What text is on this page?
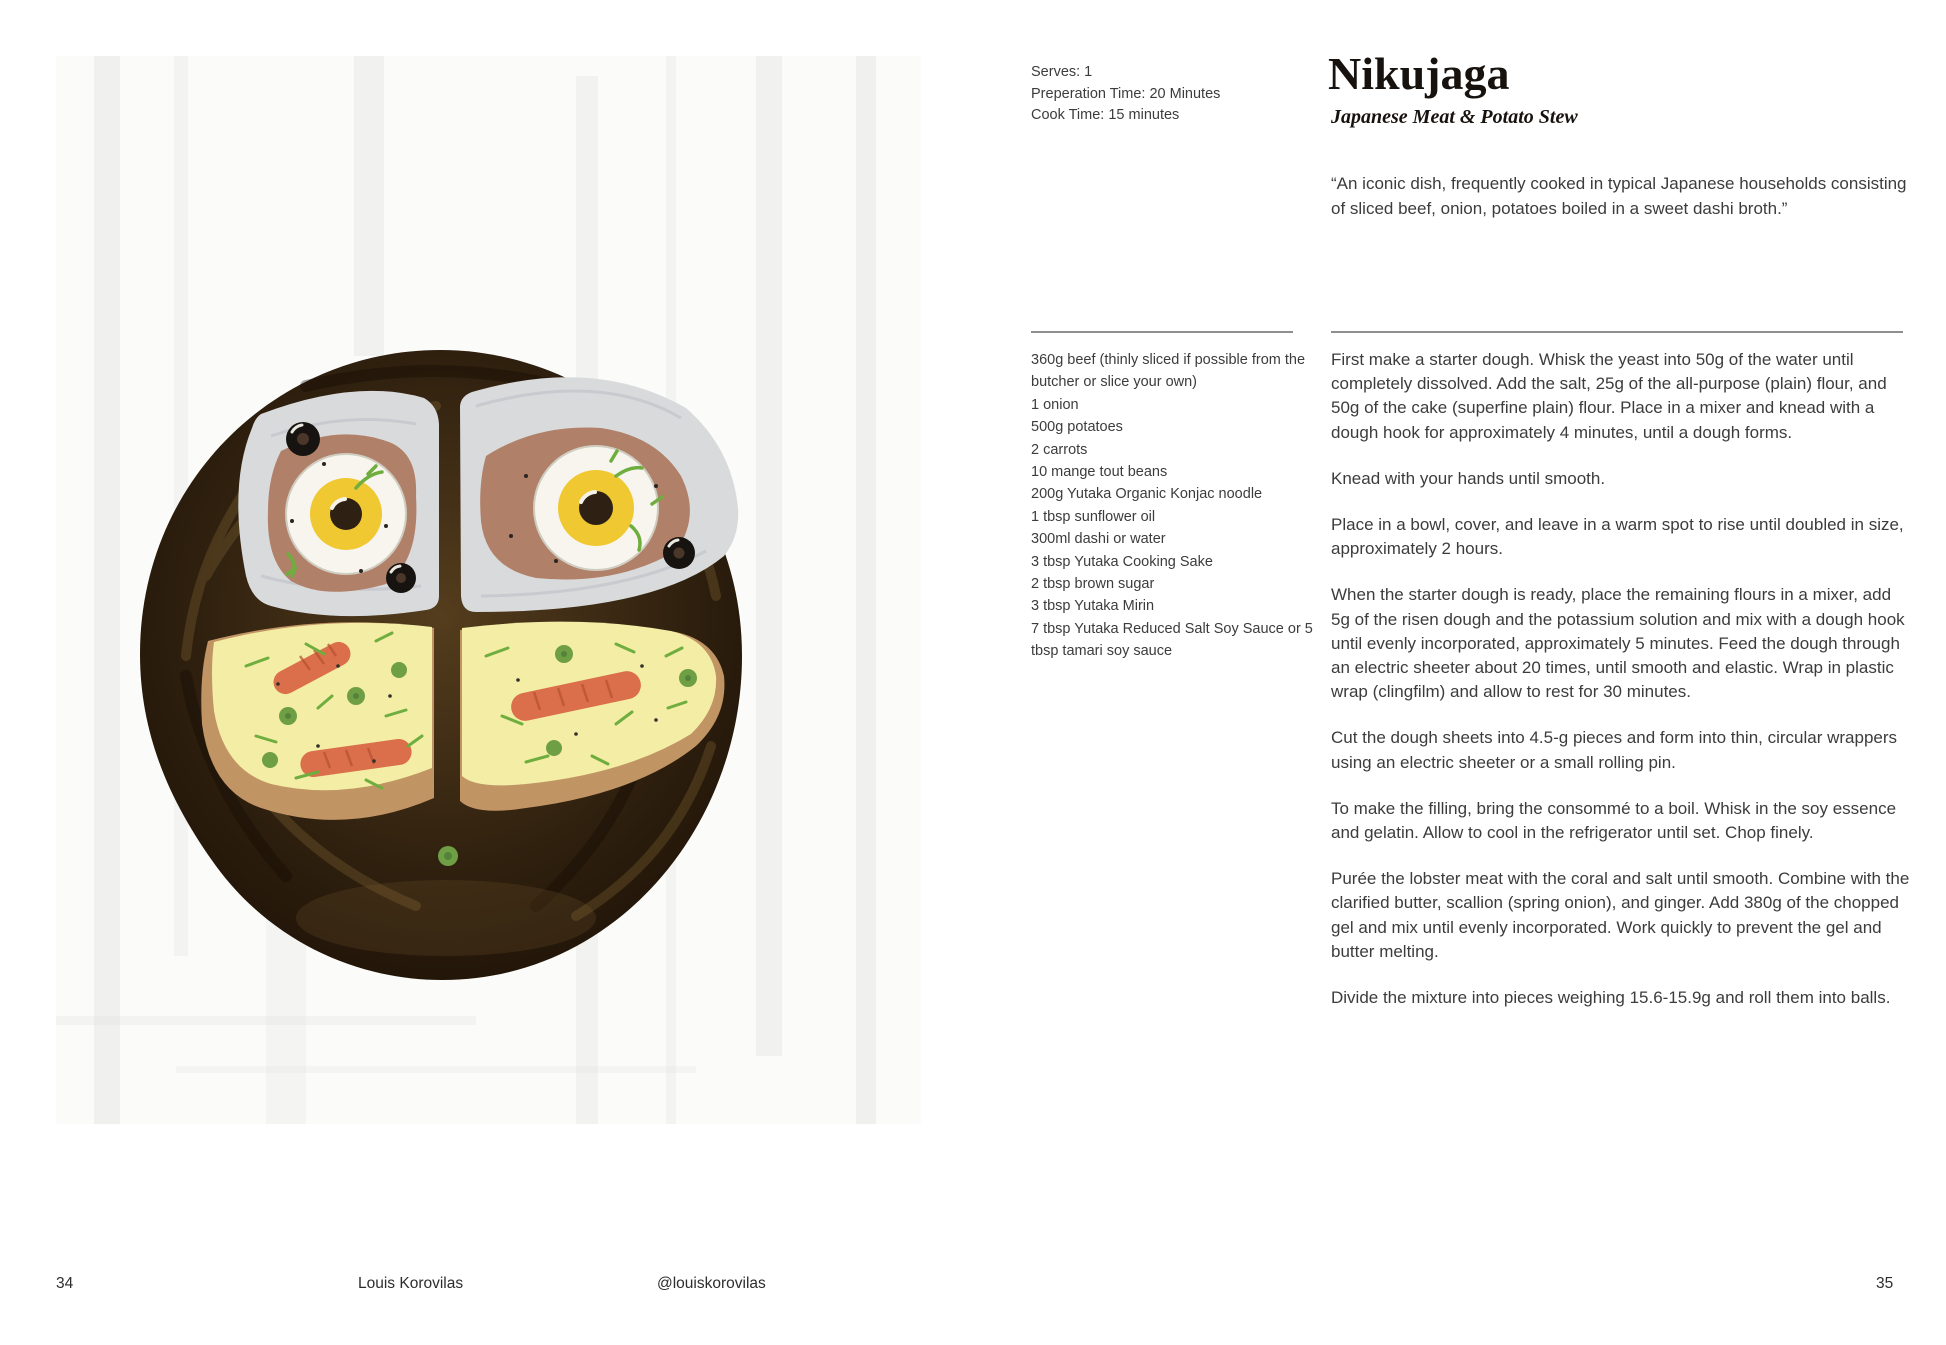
Serves: 1
Preperation Time: 20 Minutes
Cook Time: 15 minutes
Nikujaga
Japanese Meat & Potato Stew

“An iconic dish, frequently cooked in typical Japanese households consisting of sliced beef, onion, potatoes boiled in a sweet dashi broth.”

360g beef (thinly sliced if possible from the butcher or slice your own)
1 onion
500g potatoes
2 carrots
10 mange tout beans
200g Yutaka Organic Konjac noodle
1 tbsp sunflower oil
300ml dashi or water
3 tbsp Yutaka Cooking Sake
2 tbsp brown sugar
3 tbsp Yutaka Mirin
7 tbsp Yutaka Reduced Salt Soy Sauce or 5 tbsp tamari soy sauce

First make a starter dough. Whisk the yeast into 50g of the water until completely dissolved. Add the salt, 25g of the all-purpose (plain) flour, and 50g of the cake (superfine plain) flour. Place in a mixer and knead with a dough hook for approximately 4 minutes, until a dough forms.

Knead with your hands until smooth.

Place in a bowl, cover, and leave in a warm spot to rise until doubled in size, approximately 2 hours.

When the starter dough is ready, place the remaining flours in a mixer, add 5g of the risen dough and the potassium solution and mix with a dough hook until evenly incorporated, approximately 5 minutes. Feed the dough through an electric sheeter about 20 times, until smooth and elastic. Wrap in plastic wrap (clingfilm) and allow to rest for 30 minutes.

Cut the dough sheets into 4.5-g pieces and form into thin, circular wrappers using an electric sheeter or a small rolling pin.

To make the filling, bring the consommé to a boil. Whisk in the soy essence and gelatin. Allow to cool in the refrigerator until set. Chop finely.

Purée the lobster meat with the coral and salt until smooth. Combine with the clarified butter, scallion (spring onion), and ginger. Add 380g of the chopped gel and mix until evenly incorporated. Work quickly to prevent the gel and butter melting.

Divide the mixture into pieces weighing 15.6-15.9g and roll them into balls.

34	Louis Korovilas	@louiskorovilas	35
